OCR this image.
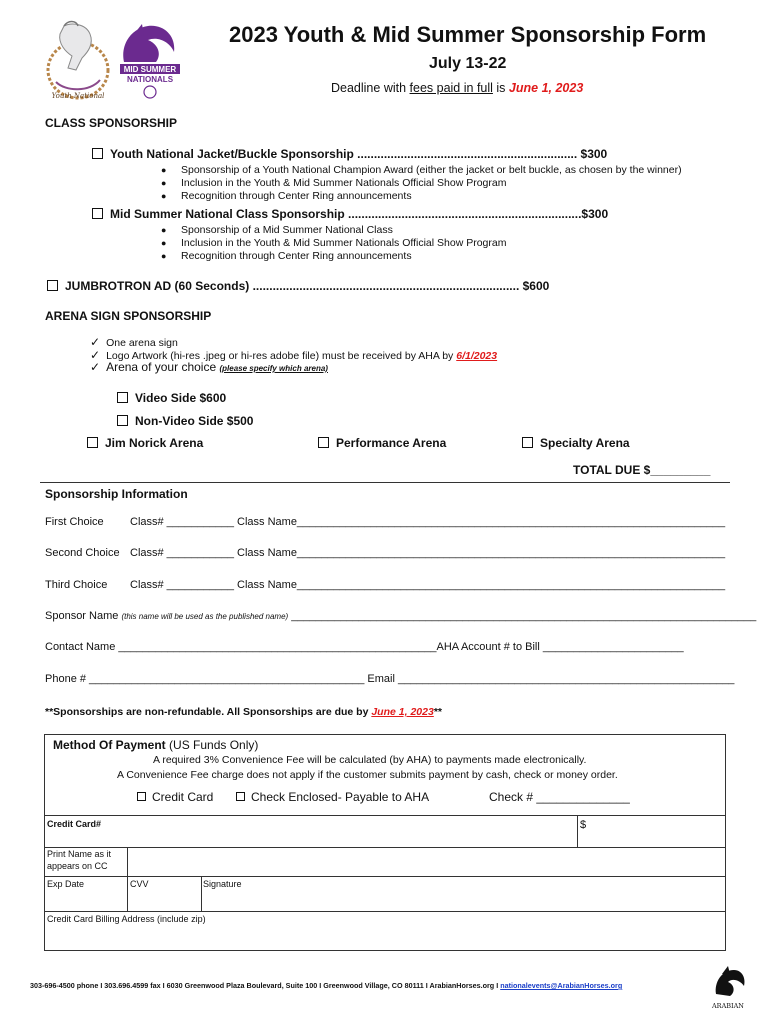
Youth National
MID SUMMER
NATIONALS
2023 Youth & Mid Summer Sponsorship Form
July 13-22
Deadline with fees paid in full is June 1, 2023
CLASS SPONSORSHIP
Youth National Jacket/Buckle Sponsorship .................................................................. $300
● Sponsorship of a Youth National Champion Award (either the jacket or belt buckle, as chosen by the winner)
● Inclusion in the Youth & Mid Summer Nationals Official Show Program
● Recognition through Center Ring announcements
Mid Summer National Class Sponsorship ......................................................................$300
● Sponsorship of a Mid Summer National Class
● Inclusion in the Youth & Mid Summer Nationals Official Show Program
● Recognition through Center Ring announcements
JUMBROTRON AD (60 Seconds) ................................................................................ $600
ARENA SIGN SPONSORSHIP
✓ One arena sign
✓ Logo Artwork (hi-res .jpeg or hi-res adobe file) must be received by AHA by 6/1/2023
✓ Arena of your choice (please specify which arena)
Video Side $600
Non-Video Side $500
Jim Norick Arena	Performance Arena	Specialty Arena
TOTAL DUE $_________
Sponsorship Information
First Choice Class# ___________ Class Name______________________________________________________________________
Second Choice Class# ___________ Class Name______________________________________________________________________
Third Choice Class# ___________ Class Name______________________________________________________________________
Sponsor Name (this name will be used as the published name) ____________________________________________________________________________
Contact Name ____________________________________________________AHA Account # to Bill _______________________
Phone # _____________________________________________ Email _______________________________________________________
**Sponsorships are non-refundable. All Sponsorships are due by June 1, 2023**
Method Of Payment (US Funds Only)
A required 3% Convenience Fee will be calculated (by AHA) to payments made electronically.
A Convenience Fee charge does not apply if the customer submits payment by cash, check or money order.
Credit Card	Check Enclosed- Payable to AHA	Check # ______________
Credit Card#	$
Print Name as it
appears on CC
Exp Date	CVV	Signature
Credit Card Billing Address (include zip)
303-696-4500 phone I 303.696.4599 fax I 6030 Greenwood Plaza Boulevard, Suite 100 I Greenwood Village, CO 80111 I ArabianHorses.org I nationalevents@ArabianHorses.org
ARABIAN
